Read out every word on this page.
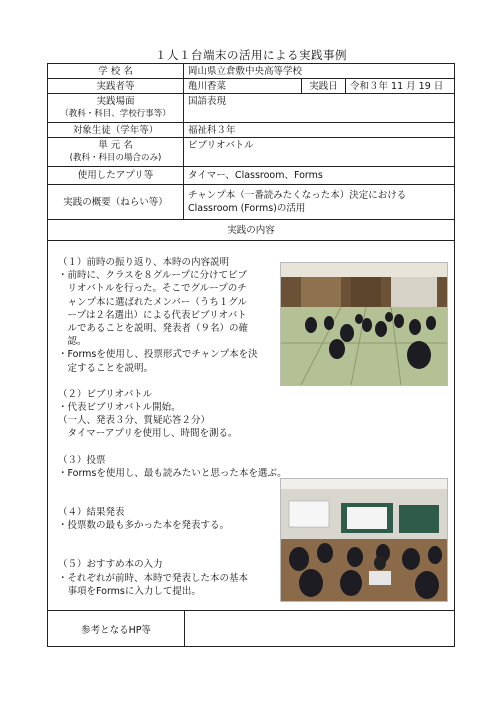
１人１台端末の活用による実践事例
学 校 名	岡山県立倉敷中央高等学校		
実践者等	亀川香菜	実践日	令和３年 11 月 19 日

実践場面
（教科・科目、学校行事等）	国語表現		
対象生徒（学年等）	福祉科３年		

単 元 名
(教科・科目の場合のみ)	ビブリオバトル		
使用したアプリ等	タイマー、Classroom、Forms		
実践の概要（ねらい等）	チャンプ本（一番読みたくなった本）決定における
Classroom (Forms)の活用		

実践の内容			
（１）前時の振り返り、本時の内容説明
・前時に、クラスを８グループに分けてビブ
　リオバトルを行った。そこでグループのチ
　ャンプ本に選ばれたメンバー（うち１グル
　ープは２名選出）による代表ビブリオバト
　ルであることを説明、発表者（９名）の確
　認。
・Formsを使用し、投票形式でチャンプ本を決
　定することを説明。
（２）ビブリオバトル
・代表ビブリオバトル開始。
（一人、発表３分、質疑応答２分）
　タイマーアプリを使用し、時間を測る。
（３）投票
・Formsを使用し、最も読みたいと思った本を選ぶ。
（４）結果発表
・投票数の最も多かった本を発表する。
（５）おすすめ本の入力
・それぞれが前時、本時で発表した本の基本
　事項をFormsに入力して提出。
参考となるHP等
